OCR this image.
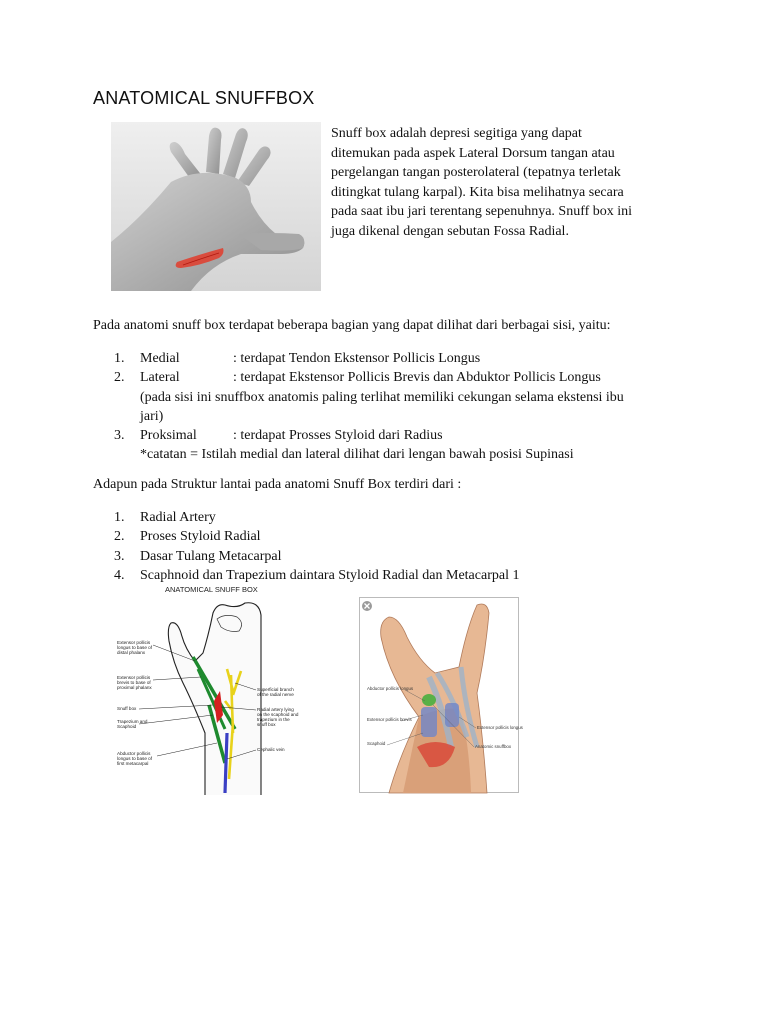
ANATOMICAL SNUFFBOX
Snuff box adalah depresi segitiga yang dapat
ditemukan pada aspek Lateral Dorsum tangan atau
pergelangan tangan posterolateral (tepatnya terletak
ditingkat tulang karpal). Kita bisa melihatnya secara
pada saat ibu jari terentang sepenuhnya. Snuff box ini
juga dikenal dengan sebutan Fossa Radial.
Pada anatomi snuff box terdapat beberapa bagian yang dapat dilihat dari berbagai sisi, yaitu:
1. Medial	: terdapat Tendon Ekstensor Pollicis Longus
2. Lateral	: terdapat Ekstensor Pollicis Brevis dan Abduktor Pollicis Longus
(pada sisi ini snuffbox anatomis paling terlihat memiliki cekungan selama ekstensi ibu
jari)
3. Proksimal	: terdapat Prosses Styloid dari Radius
*catatan = Istilah medial dan lateral dilihat dari lengan bawah posisi Supinasi
Adapun pada Struktur lantai pada anatomi Snuff Box terdiri dari :
1. Radial Artery
2. Proses Styloid Radial
3. Dasar Tulang Metacarpal
4. Scaphnoid dan Trapezium daintara Styloid Radial dan Metacarpal 1
ANATOMICAL SNUFF BOX
Extensor pollicis longus to base of distal phalanx
Extensor pollicis brevis to base of proximal phalanx
Snuff box
Trapezium and Scaphoid
Abductor pollicis longus to base of first metacarpal
Superficial branch of the radial nerve
Radial artery lying on the scaphoid and trapezium in the snuff box
Cephalic vein
Abductor pollicis longus
Extensor pollicis brevis
Scaphoid
Extensor pollicis longus
Anatomic snuffbox
